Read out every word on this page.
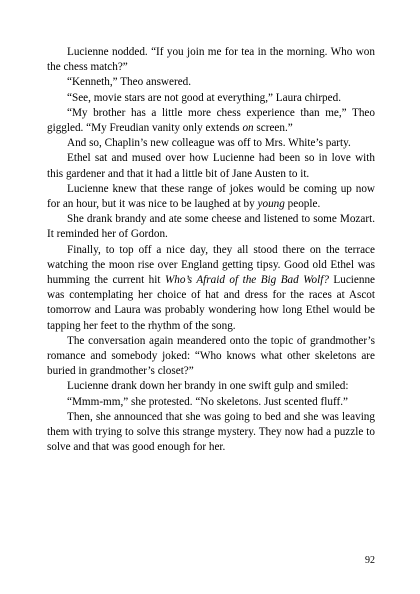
Lucienne nodded. “If you join me for tea in the morning. Who won the chess match?”

“Kenneth,” Theo answered.

“See, movie stars are not good at everything,” Laura chirped.

“My brother has a little more chess experience than me,” Theo giggled. “My Freudian vanity only extends on screen.”

And so, Chaplin’s new colleague was off to Mrs. White’s party.

Ethel sat and mused over how Lucienne had been so in love with this gardener and that it had a little bit of Jane Austen to it.

Lucienne knew that these range of jokes would be coming up now for an hour, but it was nice to be laughed at by young people.

She drank brandy and ate some cheese and listened to some Mozart. It reminded her of Gordon.

Finally, to top off a nice day, they all stood there on the terrace watching the moon rise over England getting tipsy. Good old Ethel was humming the current hit Who’s Afraid of the Big Bad Wolf? Lucienne was contemplating her choice of hat and dress for the races at Ascot tomorrow and Laura was probably wondering how long Ethel would be tapping her feet to the rhythm of the song.

The conversation again meandered onto the topic of grandmother’s romance and somebody joked: “Who knows what other skeletons are buried in grandmother’s closet?”

Lucienne drank down her brandy in one swift gulp and smiled:

“Mmm-mm,” she protested. “No skeletons. Just scented fluff.”

Then, she announced that she was going to bed and she was leaving them with trying to solve this strange mystery. They now had a puzzle to solve and that was good enough for her.

92
